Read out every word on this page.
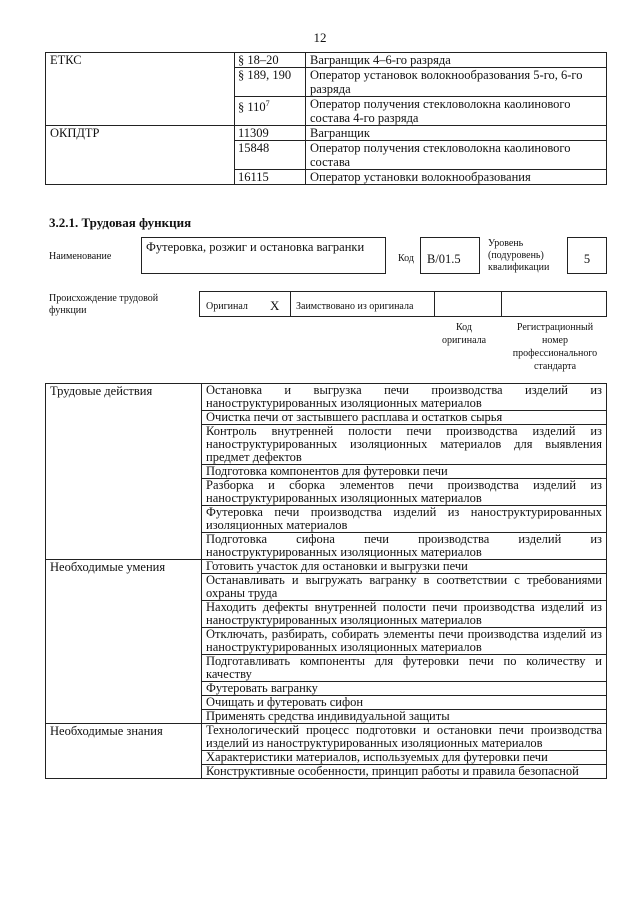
12
ЕТКС	§ 18–20	Вагранщик 4–6-го разряда
	§ 189, 190	Оператор установок волокнообразования 5-го, 6-го разряда
	§ $110^7$	Оператор получения стекловолокна каолинового состава 4-го разряда
ОКПДТР	11309	Вагранщик
	15848	Оператор получения стекловолокна каолинового состава
	16115	Оператор установки волокнообразования
3.2.1. Трудовая функция
Наименование
Футеровка, розжиг и остановка вагранки
Код	B/01.5
Уровень (подуровень) квалификации
5
Происхождение трудовой функции	Оригинал X Заимствовано из оригинала
Код оригинала
Регистрационный номер профессионального стандарта
Трудовые действия	Остановка и выгрузка печи производства изделий из наноструктурированных изоляционных материалов
	Очистка печи от застывшего расплава и остатков сырья
	Контроль внутренней полости печи производства изделий из наноструктурированных изоляционных материалов для выявления предмет дефектов
	Подготовка компонентов для футеровки печи
	Разборка и сборка элементов печи производства изделий из наноструктурированных изоляционных материалов
	Футеровка печи производства изделий из наноструктурированных изоляционных материалов
	Подготовка сифона печи производства изделий из наноструктурированных изоляционных материалов
Необходимые умения	Готовить участок для остановки и выгрузки печи
	Останавливать и выгружать вагранку в соответствии с требованиями охраны труда
	Находить дефекты внутренней полости печи производства изделий из наноструктурированных изоляционных материалов
	Отключать, разбирать, собирать элементы печи производства изделий из наноструктурированных изоляционных материалов
	Подготавливать компоненты для футеровки печи по количеству и качеству
	Футеровать вагранку
	Очищать и футеровать сифон
	Применять средства индивидуальной защиты
Необходимые знания	Технологический процесс подготовки и остановки печи производства изделий из наноструктурированных изоляционных материалов
	Характеристики материалов, используемых для футеровки печи
	Конструктивные особенности, принцип работы и правила безопасной
